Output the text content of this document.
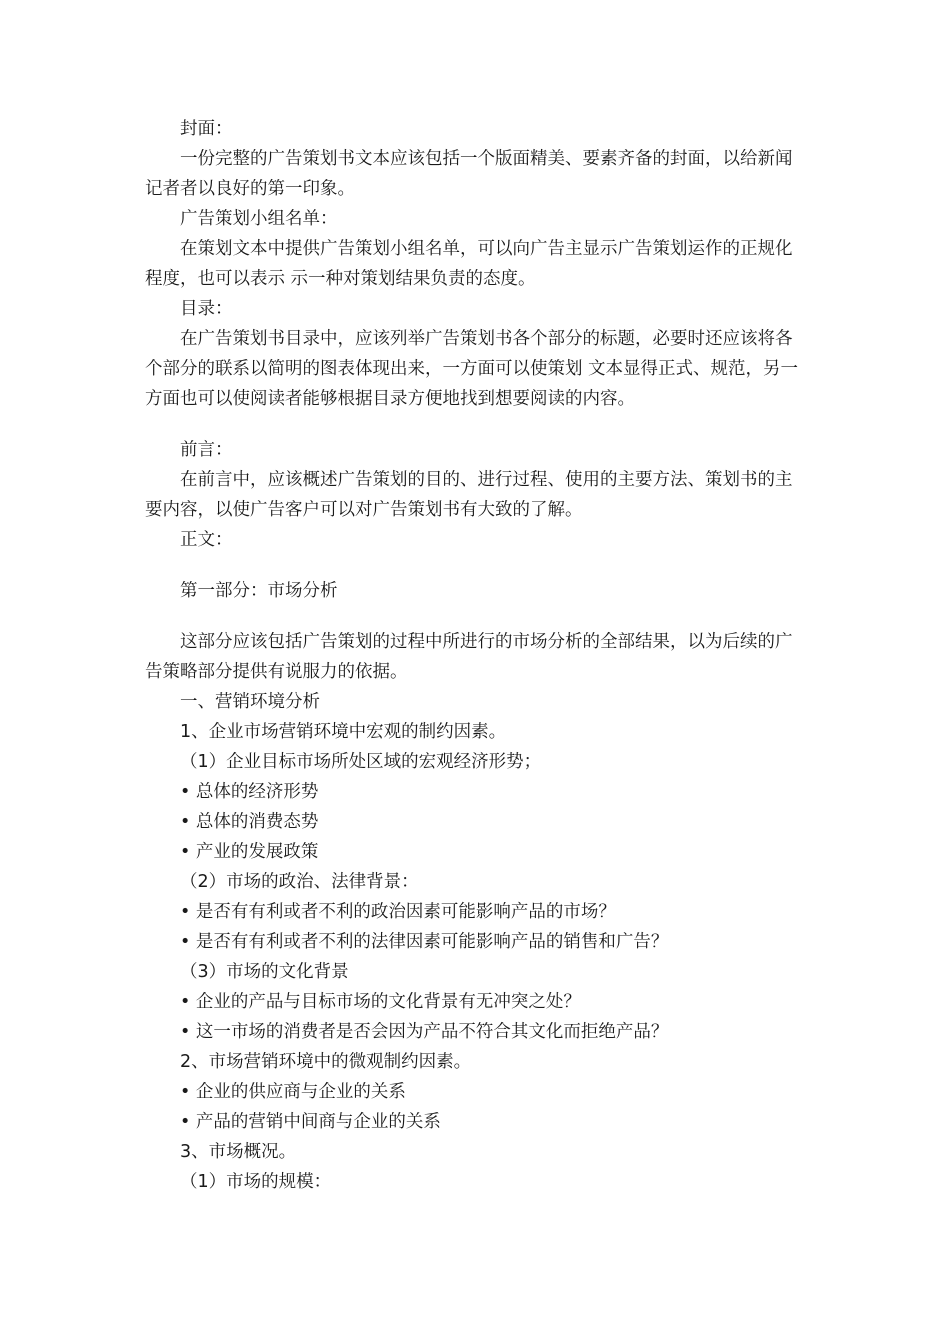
封面：

一份完整的广告策划书文本应该包括一个版面精美、要素齐备的封面，以给新闻记者者以良好的第一印象。

广告策划小组名单：

在策划文本中提供广告策划小组名单，可以向广告主显示广告策划运作的正规化程度，也可以表示 示一种对策划结果负责的态度。

目录：

在广告策划书目录中，应该列举广告策划书各个部分的标题，必要时还应该将各个部分的联系以简明的图表体现出来，一方面可以使策划 文本显得正式、规范，另一方面也可以使阅读者能够根据目录方便地找到想要阅读的内容。

前言：

在前言中，应该概述广告策划的目的、进行过程、使用的主要方法、策划书的主要内容，以使广告客户可以对广告策划书有大致的了解。

正文：

第一部分：市场分析

这部分应该包括广告策划的过程中所进行的市场分析的全部结果，以为后续的广告策略部分提供有说服力的依据。

一、营销环境分析

1、企业市场营销环境中宏观的制约因素。

（1）企业目标市场所处区域的宏观经济形势；

• 总体的经济形势

• 总体的消费态势

• 产业的发展政策

（2）市场的政治、法律背景：

• 是否有有利或者不利的政治因素可能影响产品的市场？

• 是否有有利或者不利的法律因素可能影响产品的销售和广告？

（3）市场的文化背景

• 企业的产品与目标市场的文化背景有无冲突之处？

• 这一市场的消费者是否会因为产品不符合其文化而拒绝产品？

2、市场营销环境中的微观制约因素。

• 企业的供应商与企业的关系

• 产品的营销中间商与企业的关系

3、市场概况。

（1）市场的规模：
